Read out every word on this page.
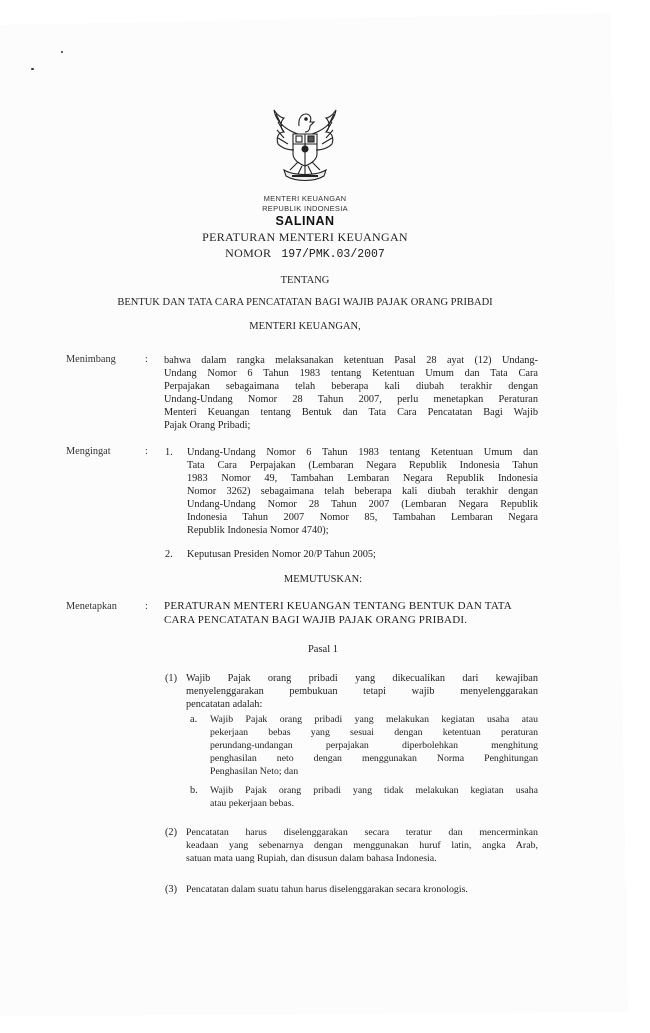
MENTERI KEUANGAN
REPUBLIK INDONESIA
SALINAN
PERATURAN MENTERI KEUANGAN
NOMOR 197/PMK.03/2007
TENTANG
BENTUK DAN TATA CARA PENCATATAN BAGI WAJIB PAJAK ORANG PRIBADI
MENTERI KEUANGAN,
Menimbang	: bahwa dalam rangka melaksanakan ketentuan Pasal 28 ayat (12) Undang-
Undang Nomor 6 Tahun 1983 tentang Ketentuan Umum dan Tata Cara
Perpajakan sebagaimana telah beberapa kali diubah terakhir dengan
Undang-Undang Nomor 28 Tahun 2007, perlu menetapkan Peraturan
Menteri Keuangan tentang Bentuk dan Tata Cara Pencatatan Bagi Wajib
Pajak Orang Pribadi;
Mengingat	: 1. Undang-Undang Nomor 6 Tahun 1983 tentang Ketentuan Umum dan
Tata Cara Perpajakan (Lembaran Negara Republik Indonesia Tahun
1983 Nomor 49, Tambahan Lembaran Negara Republik Indonesia
Nomor 3262) sebagaimana telah beberapa kali diubah terakhir dengan
Undang-Undang Nomor 28 Tahun 2007 (Lembaran Negara Republik
Indonesia Tahun 2007 Nomor 85, Tambahan Lembaran Negara
Republik Indonesia Nomor 4740);
2. Keputusan Presiden Nomor 20/P Tahun 2005;
MEMUTUSKAN:
Menetapkan	: PERATURAN MENTERI KEUANGAN TENTANG BENTUK DAN TATA
CARA PENCATATAN BAGI WAJIB PAJAK ORANG PRIBADI.
Pasal 1
(1) Wajib Pajak orang pribadi yang dikecualikan dari kewajiban
menyelenggarakan pembukuan tetapi wajib menyelenggarakan
pencatatan adalah:
a. Wajib Pajak orang pribadi yang melakukan kegiatan usaha atau
pekerjaan bebas yang sesuai dengan ketentuan peraturan
perundang-undangan perpajakan diperbolehkan menghitung
penghasilan neto dengan menggunakan Norma Penghitungan
Penghasilan Neto; dan
b. Wajib Pajak orang pribadi yang tidak melakukan kegiatan usaha
atau pekerjaan bebas.
(2) Pencatatan harus diselenggarakan secara teratur dan mencerminkan
keadaan yang sebenarnya dengan menggunakan huruf latin, angka Arab,
satuan mata uang Rupiah, dan disusun dalam bahasa Indonesia.
(3) Pencatatan dalam suatu tahun harus diselenggarakan secara kronologis.
